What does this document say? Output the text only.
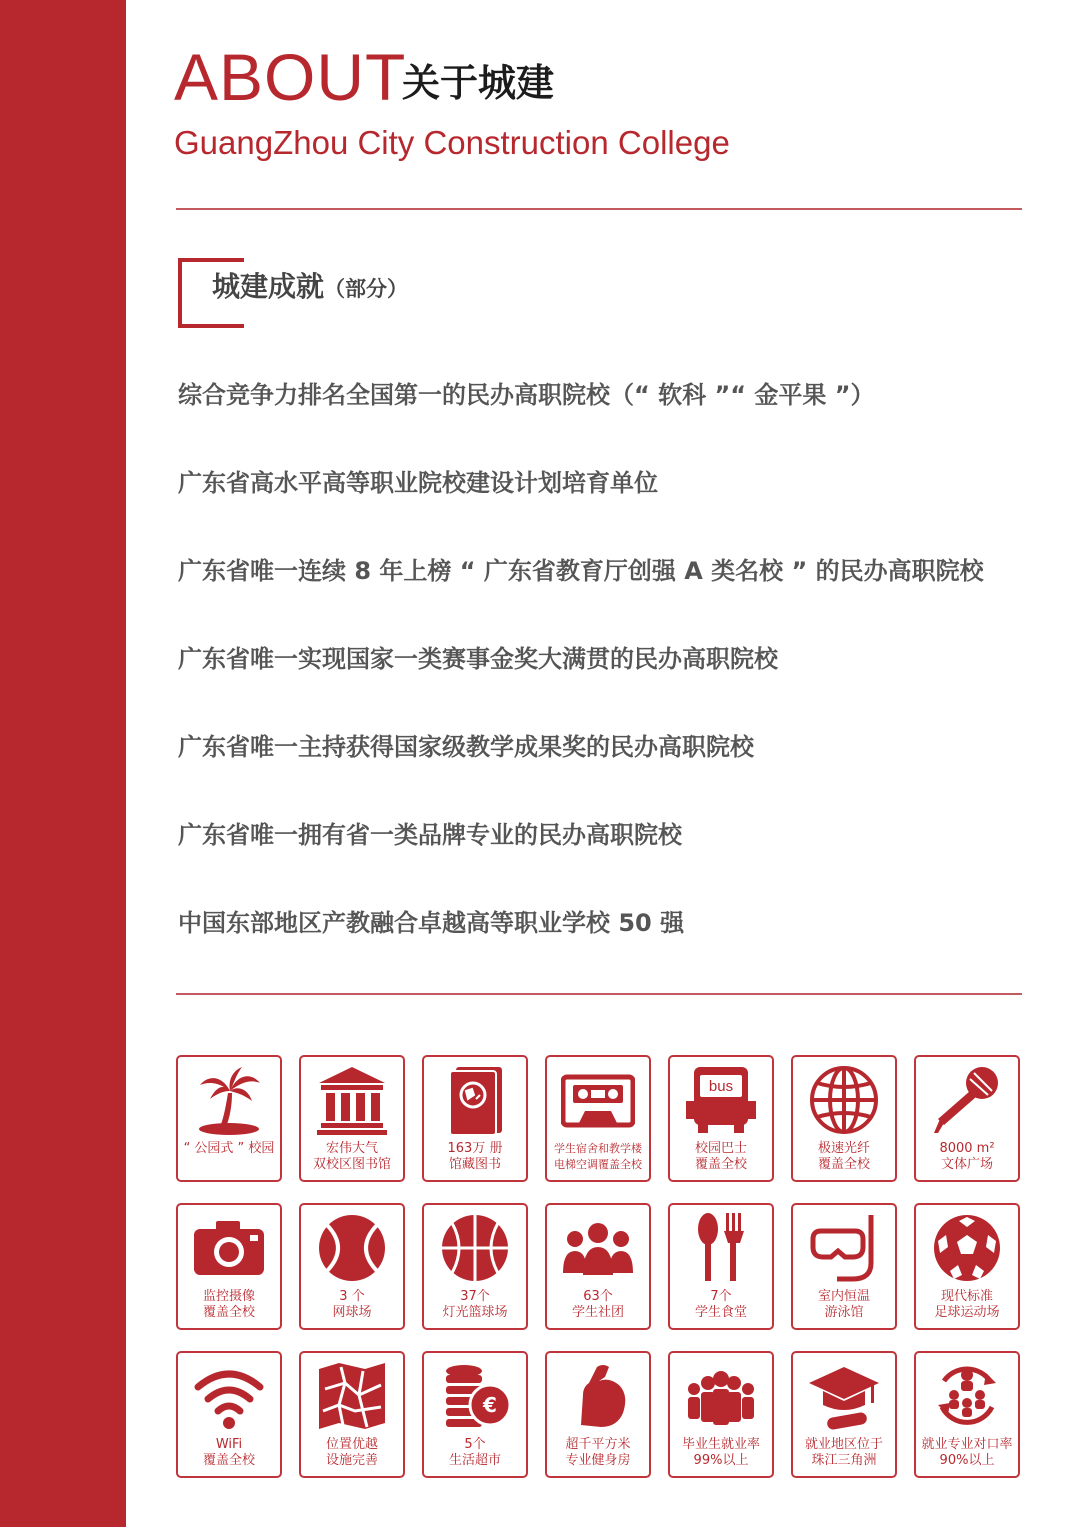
ABOUT
关于城建
GuangZhou City Construction College
城建成就（部分）
综合竞争力排名全国第一的民办高职院校（“ 软科 ”“ 金平果 ”）
广东省高水平高等职业院校建设计划培育单位
广东省唯一连续 8 年上榜 “ 广东省教育厅创强 A 类名校 ” 的民办高职院校
广东省唯一实现国家一类赛事金奖大满贯的民办高职院校
广东省唯一主持获得国家级教学成果奖的民办高职院校
广东省唯一拥有省一类品牌专业的民办高职院校
中国东部地区产教融合卓越高等职业学校 50 强
“ 公园式 ” 校园	宏伟大气
双校区图书馆
163万 册
馆藏图书
学生宿舍和教学楼
电梯空调覆盖全校
bus
校园巴士
覆盖全校
极速光纤
覆盖全校
8000 m²
文体广场
监控摄像
覆盖全校
3 个
网球场
37个
灯光篮球场
63个
学生社团
7个
学生食堂
室内恒温
游泳馆
现代标准
足球运动场
WiFi
覆盖全校
位置优越
设施完善
€
5个
生活超市
超千平方米
专业健身房
毕业生就业率
99%以上
就业地区位于
珠江三角洲
就业专业对口率
90%以上
